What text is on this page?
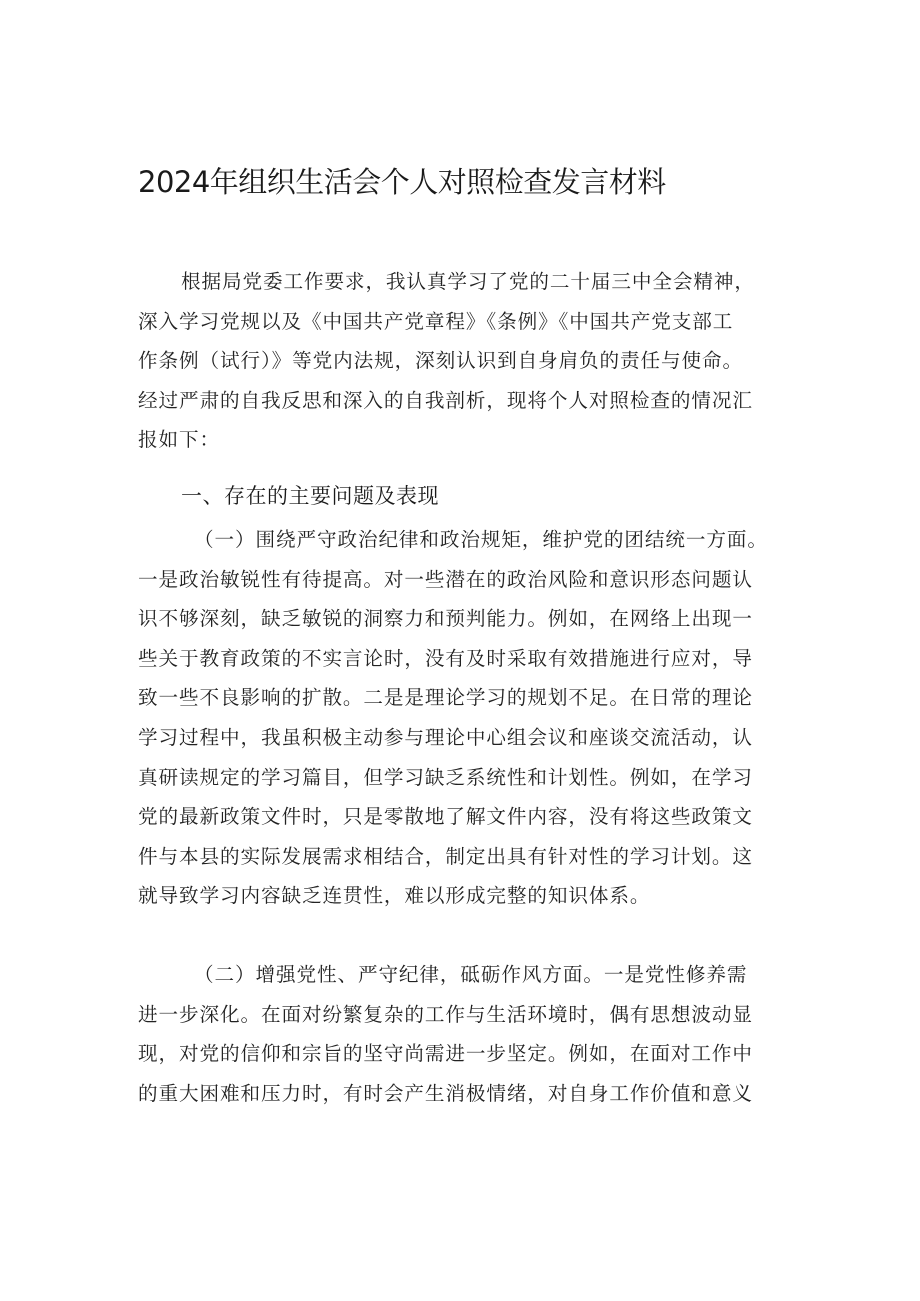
2024年组织生活会个人对照检查发言材料
根据局党委工作要求，我认真学习了党的二十届三中全会精神，
深入学习党规以及《中国共产党章程》《条例》《中国共产党支部工
作条例（试行）》等党内法规，深刻认识到自身肩负的责任与使命。
经过严肃的自我反思和深入的自我剖析，现将个人对照检查的情况汇
报如下：
一、存在的主要问题及表现
（一）围绕严守政治纪律和政治规矩，维护党的团结统一方面。
一是政治敏锐性有待提高。对一些潜在的政治风险和意识形态问题认
识不够深刻，缺乏敏锐的洞察力和预判能力。例如，在网络上出现一
些关于教育政策的不实言论时，没有及时采取有效措施进行应对，导
致一些不良影响的扩散。二是是理论学习的规划不足。在日常的理论
学习过程中，我虽积极主动参与理论中心组会议和座谈交流活动，认
真研读规定的学习篇目，但学习缺乏系统性和计划性。例如，在学习
党的最新政策文件时，只是零散地了解文件内容，没有将这些政策文
件与本县的实际发展需求相结合，制定出具有针对性的学习计划。这
就导致学习内容缺乏连贯性，难以形成完整的知识体系。
（二）增强党性、严守纪律，砥砺作风方面。一是党性修养需
进一步深化。在面对纷繁复杂的工作与生活环境时，偶有思想波动显
现，对党的信仰和宗旨的坚守尚需进一步坚定。例如，在面对工作中
的重大困难和压力时，有时会产生消极情绪，对自身工作价值和意义
